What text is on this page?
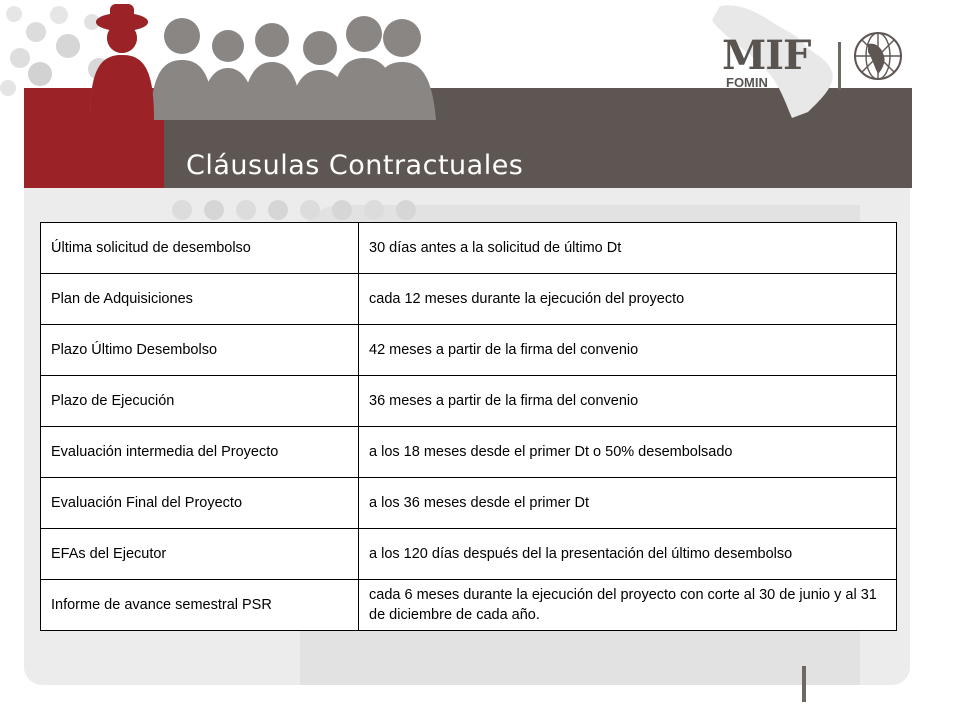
MIF
FOMIN
Cláusulas Contractuales
Última solicitud de desembolso	30 días antes a la solicitud de último Dt
Plan de Adquisiciones	cada 12 meses durante la ejecución del proyecto
Plazo Último Desembolso	42 meses a partir de la firma del convenio
Plazo de Ejecución	36 meses a partir de la firma del convenio
Evaluación intermedia del Proyecto	a los 18 meses desde el primer Dt o 50% desembolsado
Evaluación Final del Proyecto	a los 36 meses desde el primer Dt
EFAs del Ejecutor	a los 120 días después del la presentación del último desembolso
Informe de avance semestral PSR	cada 6 meses durante la ejecución del proyecto con corte al 30 de junio y al 31 de diciembre de cada año.
